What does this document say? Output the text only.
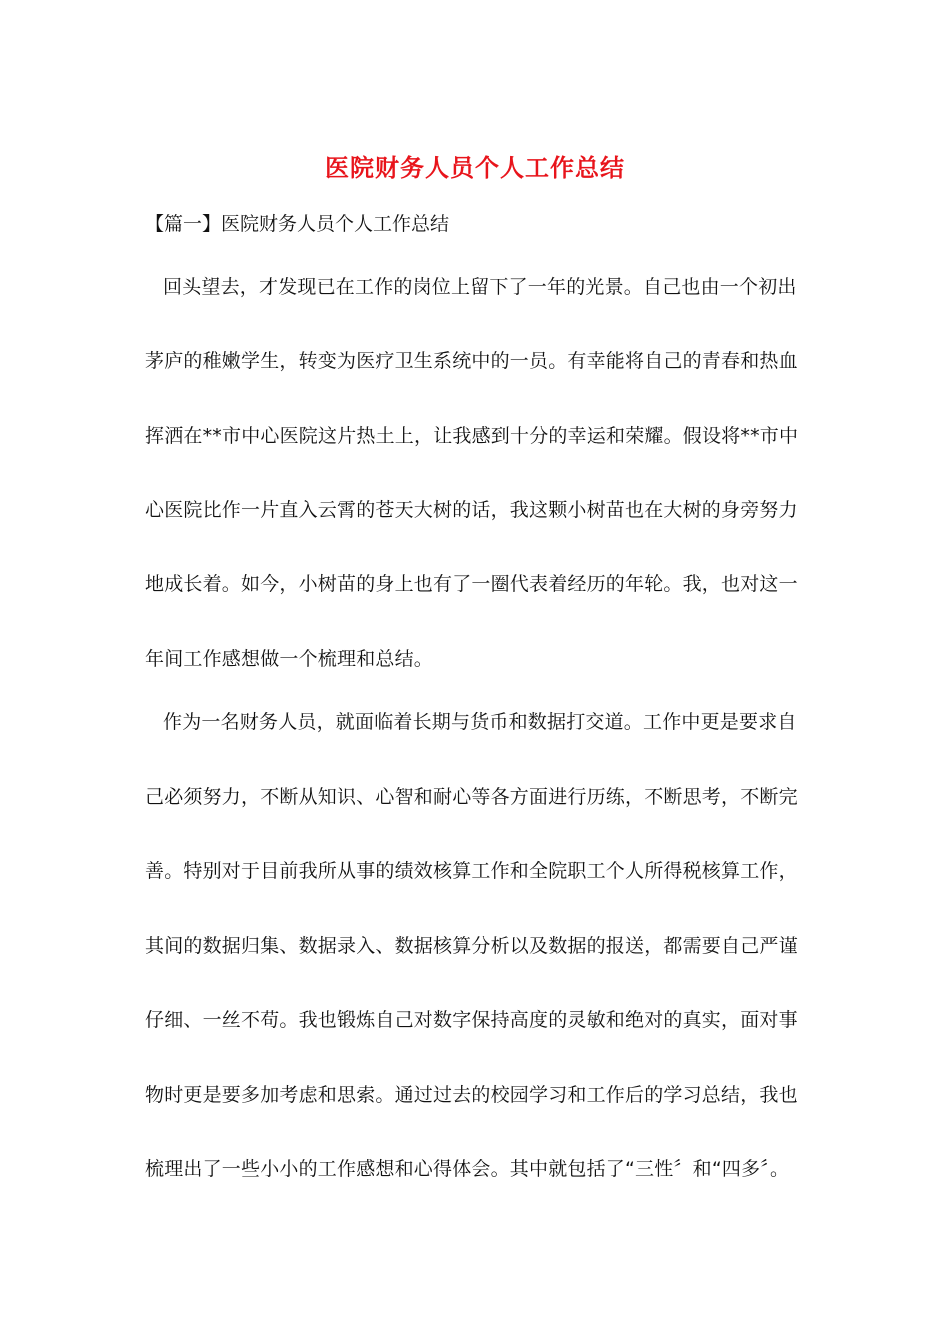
医院财务人员个人工作总结

【篇一】医院财务人员个人工作总结

回头望去，才发现已在工作的岗位上留下了一年的光景。自己也由一个初出

茅庐的稚嫩学生，转变为医疗卫生系统中的一员。有幸能将自己的青春和热血

挥洒在**市中心医院这片热土上，让我感到十分的幸运和荣耀。假设将**市中

心医院比作一片直入云霄的苍天大树的话，我这颗小树苗也在大树的身旁努力

地成长着。如今，小树苗的身上也有了一圈代表着经历的年轮。我，也对这一

年间工作感想做一个梳理和总结。

作为一名财务人员，就面临着长期与货币和数据打交道。工作中更是要求自

己必须努力，不断从知识、心智和耐心等各方面进行历练，不断思考，不断完

善。特别对于目前我所从事的绩效核算工作和全院职工个人所得税核算工作，

其间的数据归集、数据录入、数据核算分析以及数据的报送，都需要自己严谨

仔细、一丝不苟。我也锻炼自己对数字保持高度的灵敏和绝对的真实，面对事

物时更是要多加考虑和思索。通过过去的校园学习和工作后的学习总结，我也

梳理出了一些小小的工作感想和心得体会。其中就包括了“三性〞和“四多〞。
